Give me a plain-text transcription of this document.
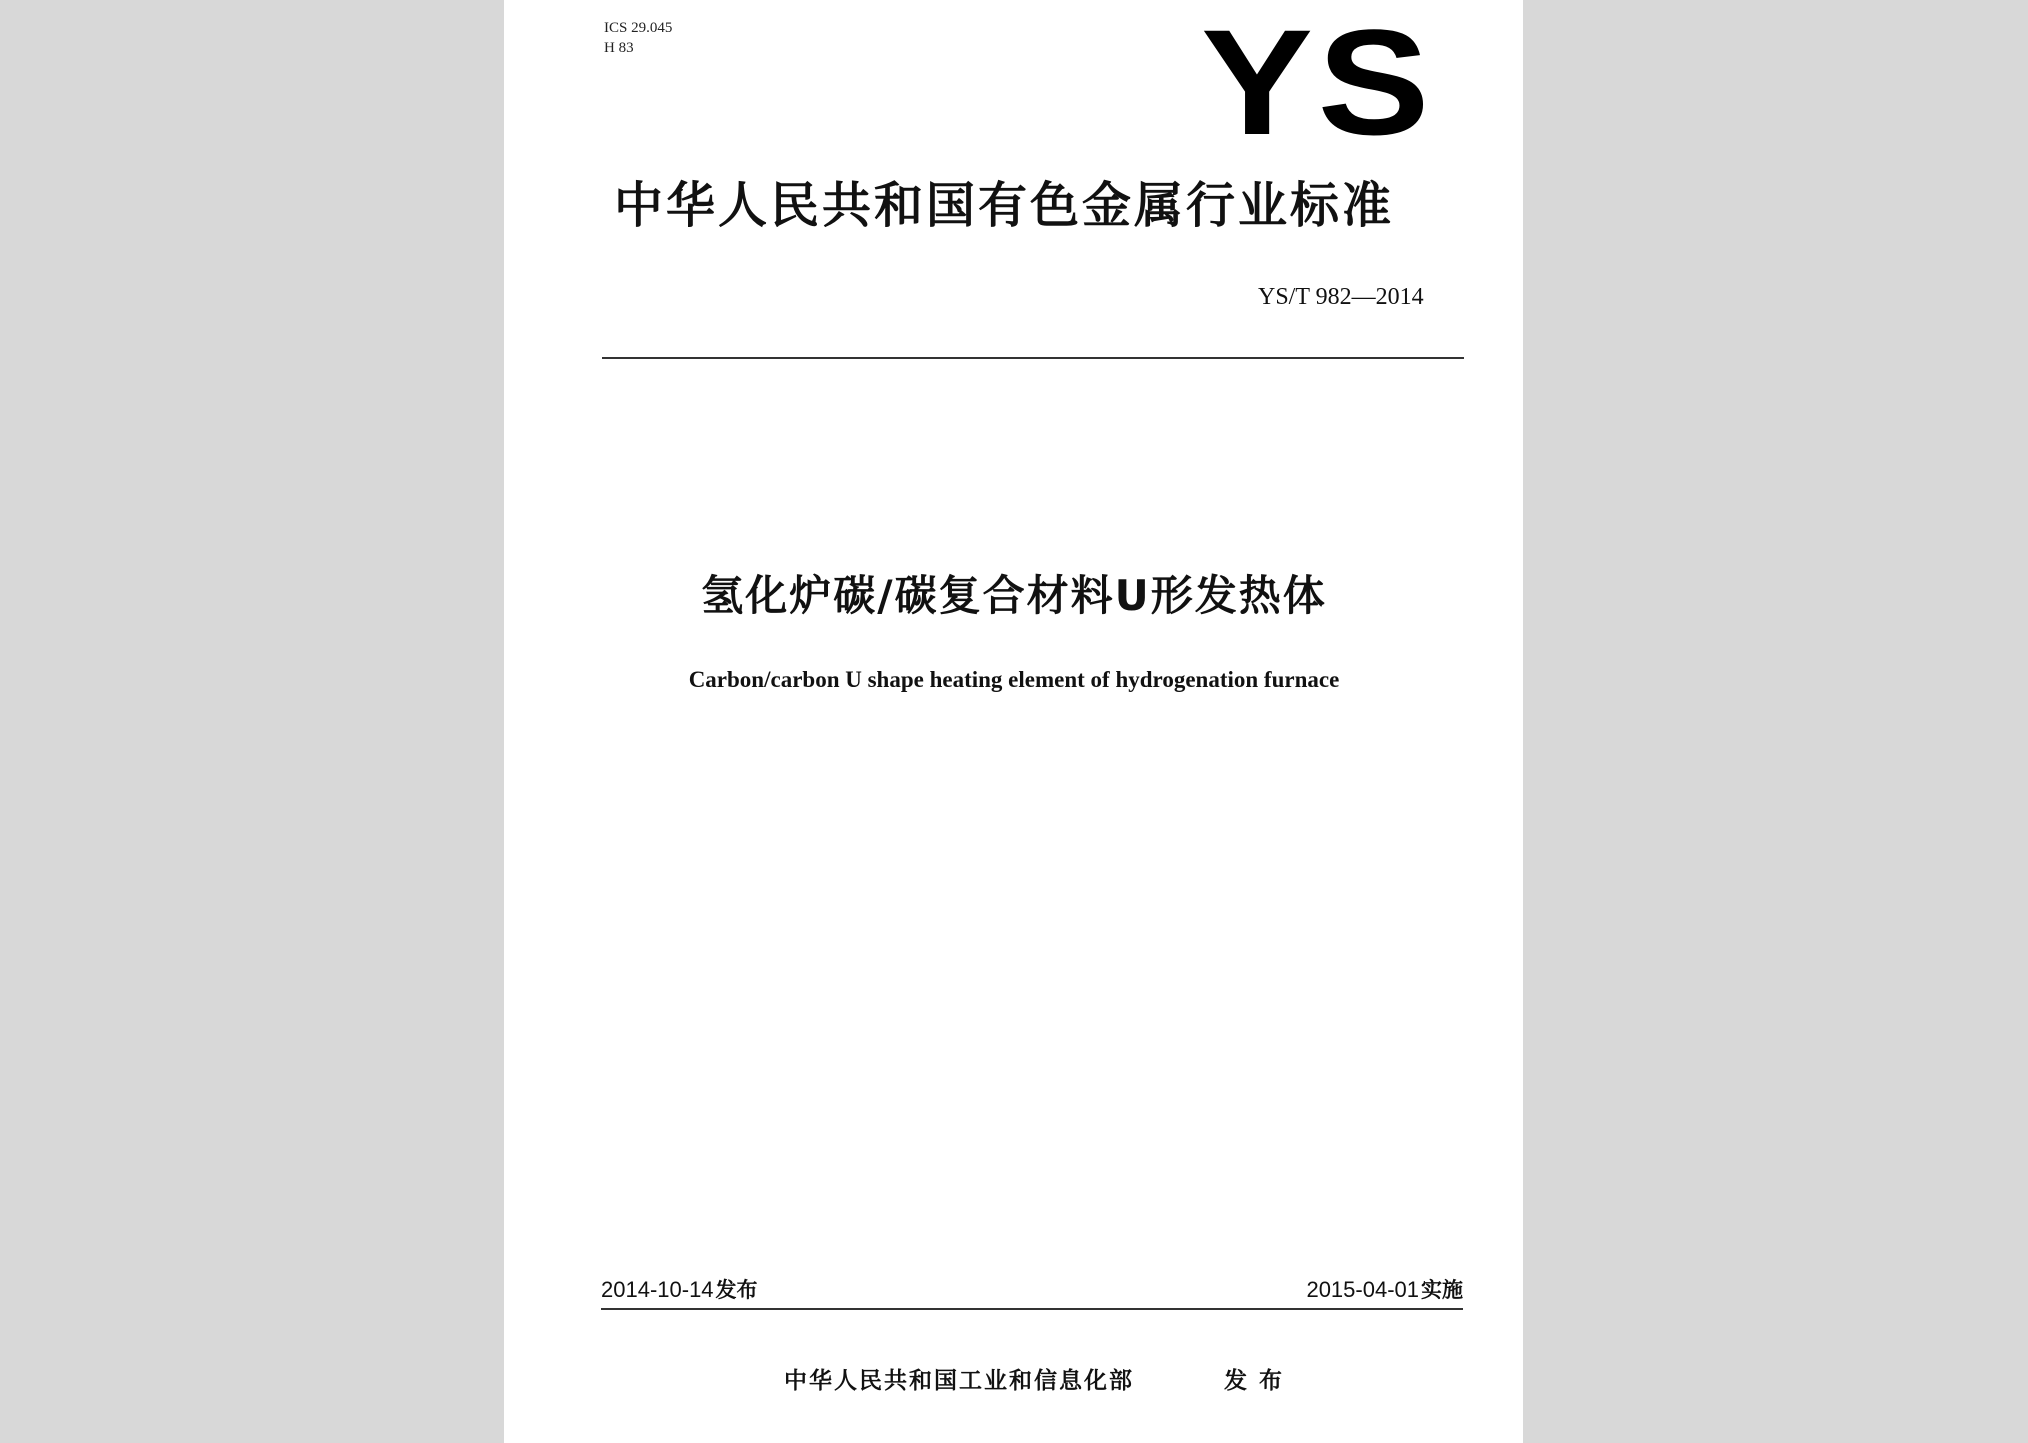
ICS 29.045
H 83	YS
中华人民共和国有色金属行业标准
YS/T 982—2014
氢化炉碳/碳复合材料U形发热体
Carbon/carbon U shape heating element of hydrogenation furnace
2014-10-14发布	2015-04-01实施
中华人民共和国工业和信息化部	发布
